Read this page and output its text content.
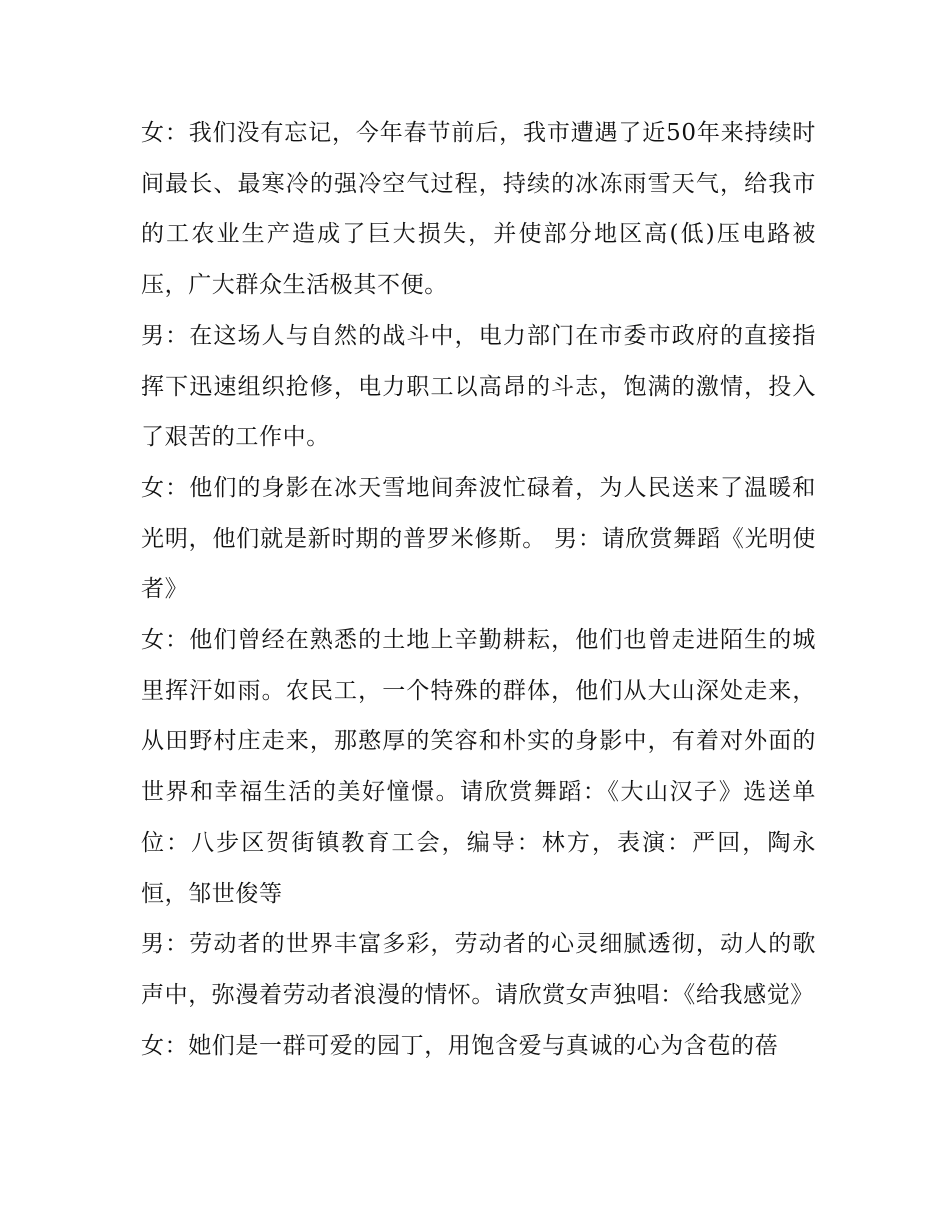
女：我们没有忘记，今年春节前后，我市遭遇了近50年来持续时间最长、最寒冷的强冷空气过程，持续的冰冻雨雪天气，给我市的工农业生产造成了巨大损失，并使部分地区高(低)压电路被压，广大群众生活极其不便。

男：在这场人与自然的战斗中，电力部门在市委市政府的直接指挥下迅速组织抢修，电力职工以高昂的斗志，饱满的激情，投入了艰苦的工作中。

女：他们的身影在冰天雪地间奔波忙碌着，为人民送来了温暖和光明，他们就是新时期的普罗米修斯。 男：请欣赏舞蹈《光明使者》

女：他们曾经在熟悉的土地上辛勤耕耘，他们也曾走进陌生的城里挥汗如雨。农民工，一个特殊的群体，他们从大山深处走来，从田野村庄走来，那憨厚的笑容和朴实的身影中，有着对外面的世界和幸福生活的美好憧憬。请欣赏舞蹈：《大山汉子》选送单位：八步区贺街镇教育工会，编导：林方，表演：严回，陶永恒，邹世俊等

男：劳动者的世界丰富多彩，劳动者的心灵细腻透彻，动人的歌声中，弥漫着劳动者浪漫的情怀。请欣赏女声独唱：《给我感觉》

女：她们是一群可爱的园丁，用饱含爱与真诚的心为含苞的蓓
